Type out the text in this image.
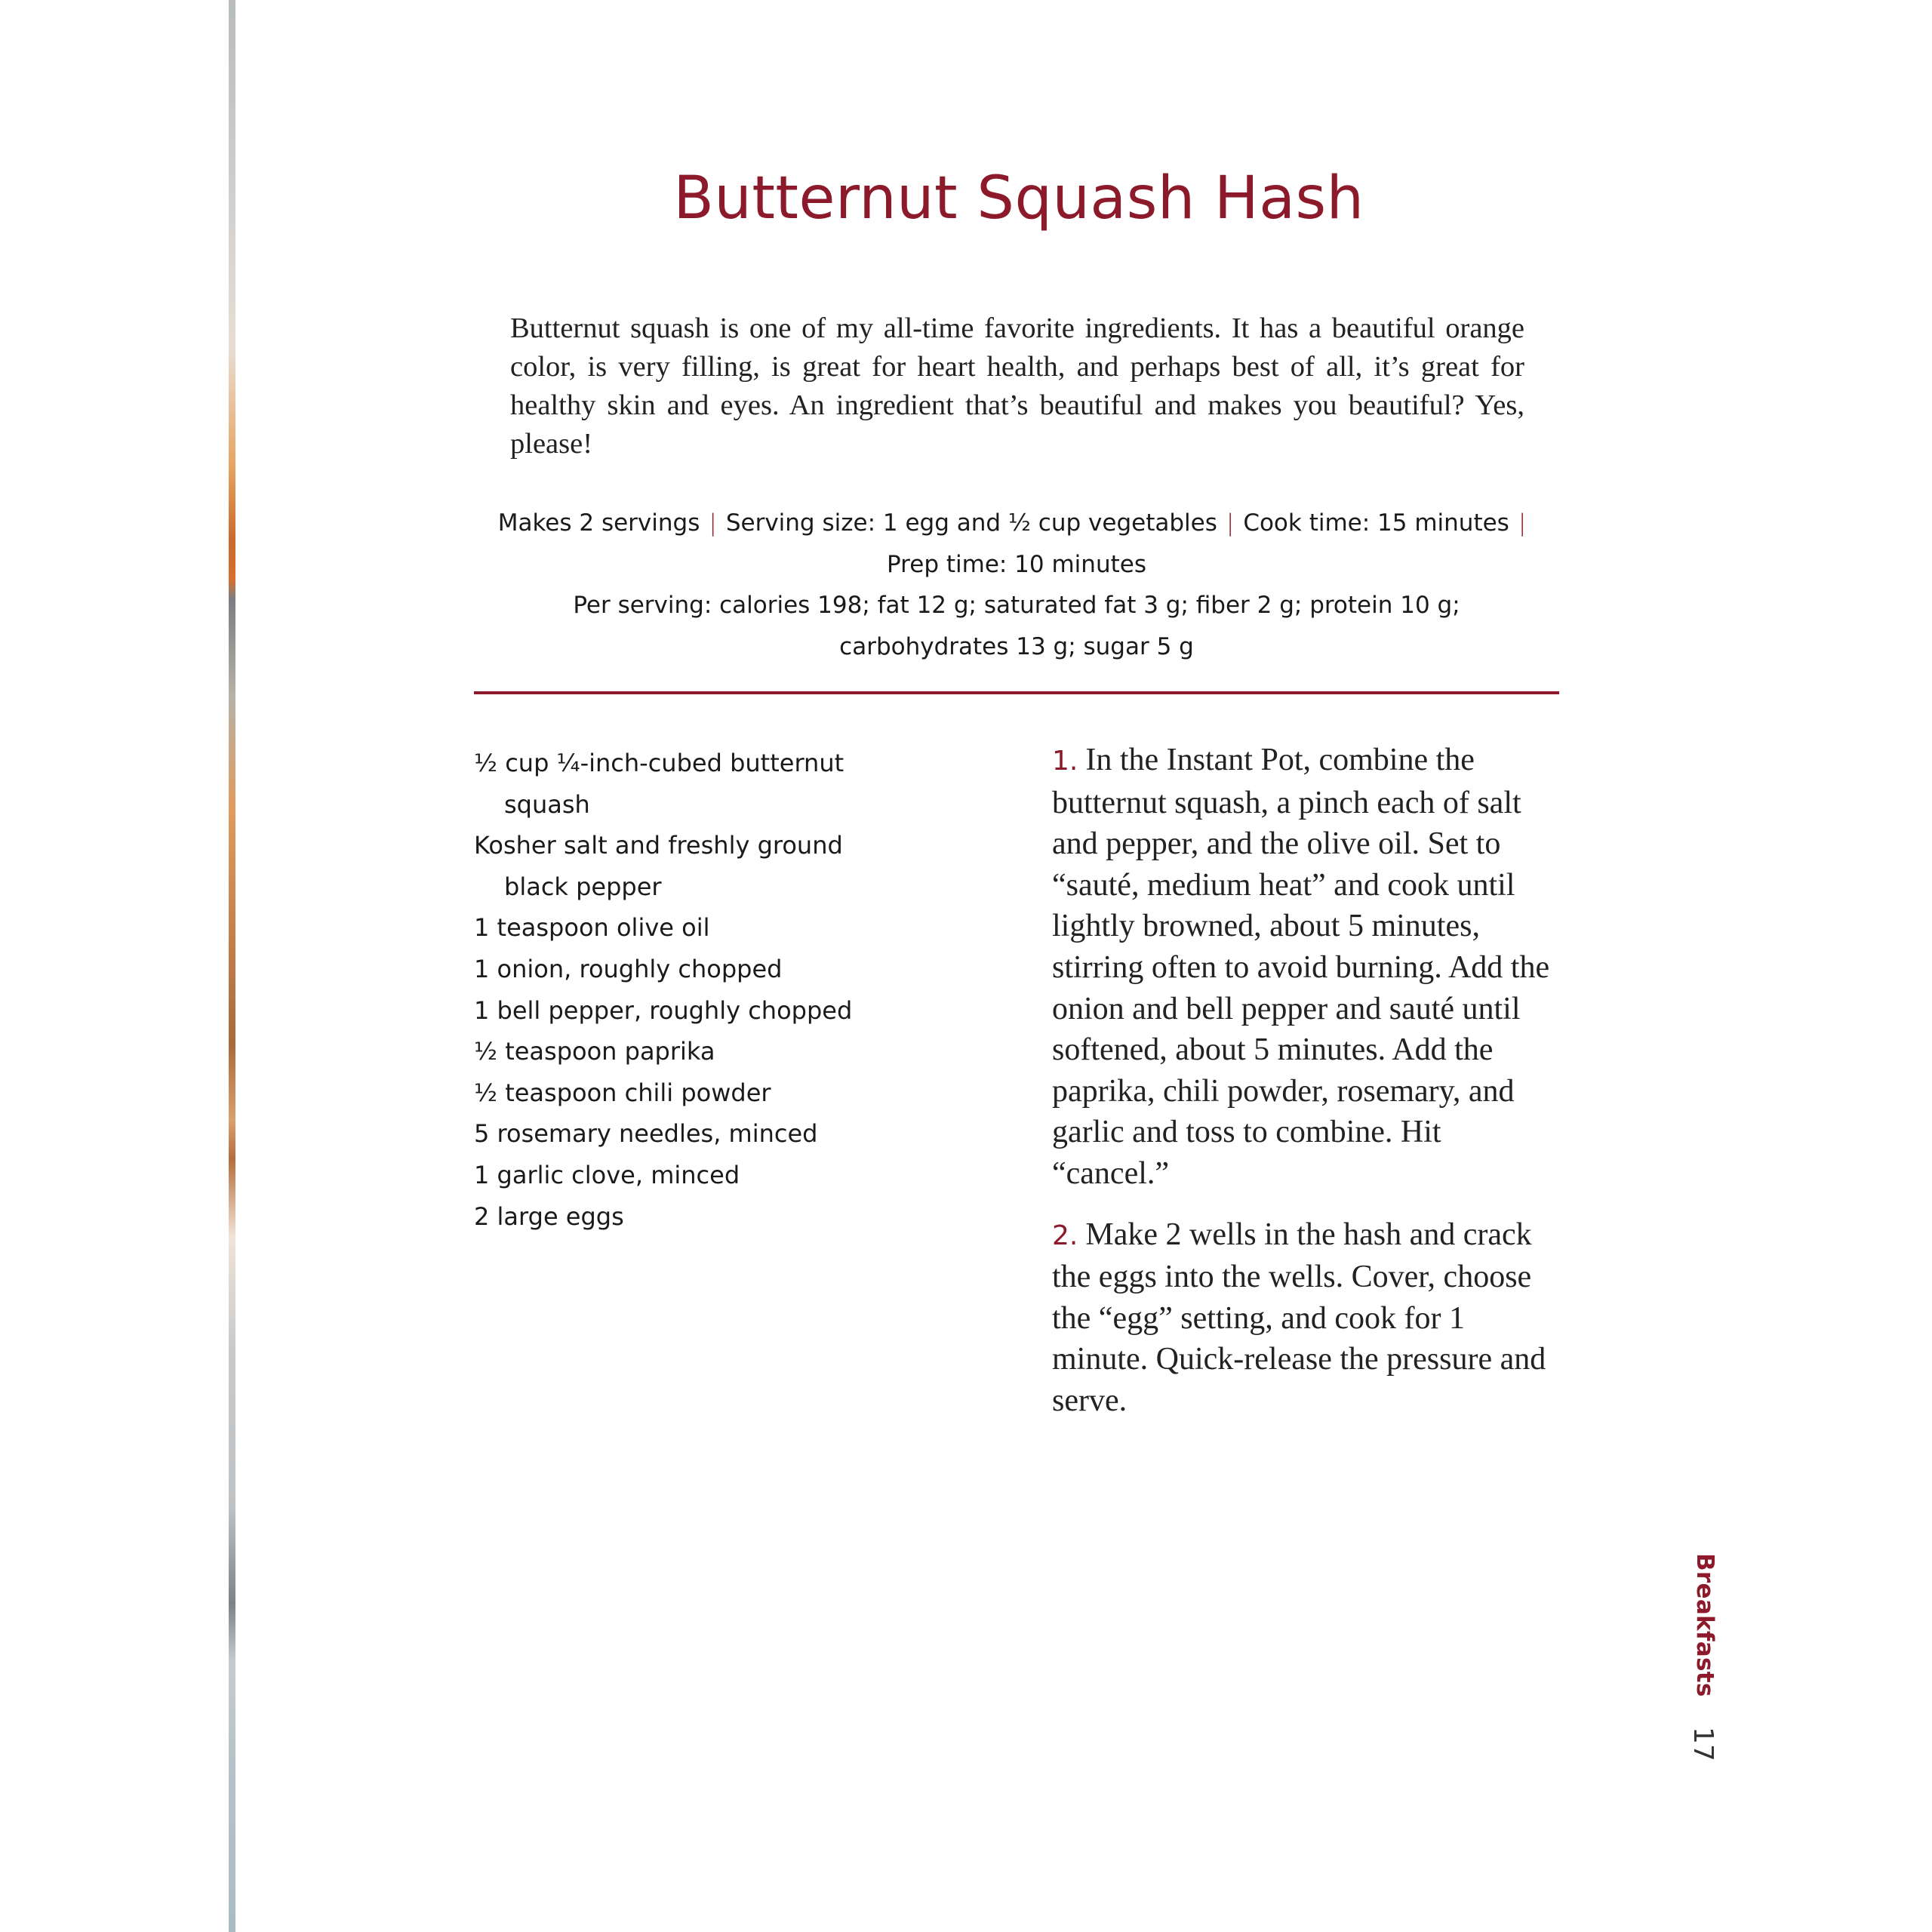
Butternut Squash Hash

Butternut squash is one of my all-time favorite ingredients. It has a beautiful orange color, is very filling, is great for heart health, and perhaps best of all, it’s great for healthy skin and eyes. An ingredient that’s beautiful and makes you beautiful? Yes, please!

Makes 2 servings | Serving size: 1 egg and ½ cup vegetables | Cook time: 15 minutes |
Prep time: 10 minutes
Per serving: calories 198; fat 12 g; saturated fat 3 g; fiber 2 g; protein 10 g;
carbohydrates 13 g; sugar 5 g
½ cup ¼-inch-cubed butternut squash
Kosher salt and freshly ground black pepper
1 teaspoon olive oil
1 onion, roughly chopped
1 bell pepper, roughly chopped
½ teaspoon paprika
½ teaspoon chili powder
5 rosemary needles, minced
1 garlic clove, minced
2 large eggs

1. In the Instant Pot, combine the butternut squash, a pinch each of salt and pepper, and the olive oil. Set to “sauté, medium heat” and cook until lightly browned, about 5 minutes, stirring often to avoid burning. Add the onion and bell pepper and sauté until softened, about 5 minutes. Add the paprika, chili powder, rosemary, and garlic and toss to combine. Hit “cancel.”

2. Make 2 wells in the hash and crack the eggs into the wells. Cover, choose the “egg” setting, and cook for 1 minute. Quick-release the pressure and serve.

Breakfasts
17
